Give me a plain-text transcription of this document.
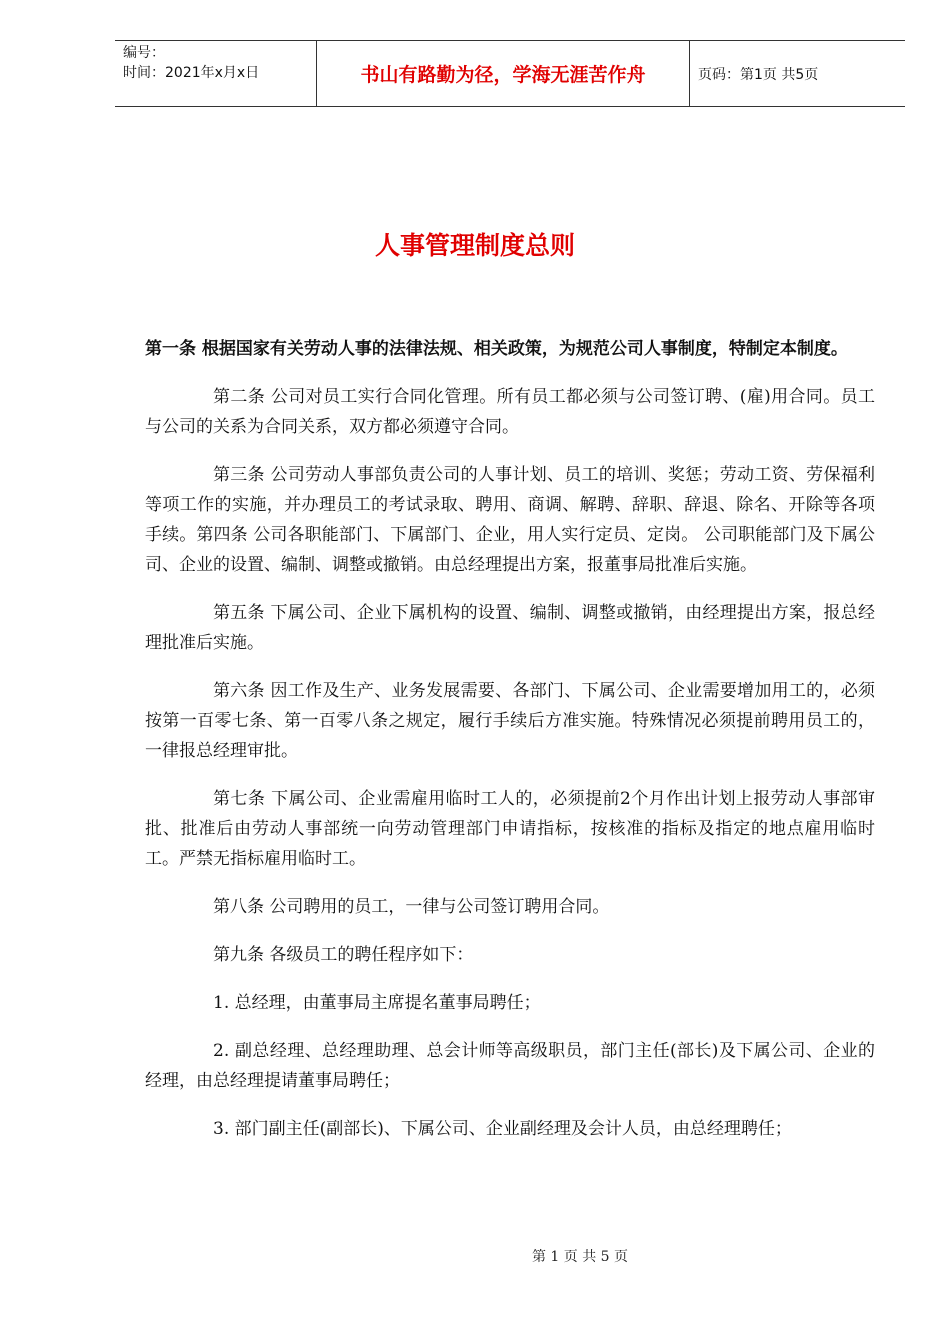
编号：
时间：2021年x月x日	书山有路勤为径，学海无涯苦作舟	页码：第1页 共5页
人事管理制度总则

第一条 根据国家有关劳动人事的法律法规、相关政策，为规范公司人事制度，特制定本制度。

第二条 公司对员工实行合同化管理。所有员工都必须与公司签订聘、(雇)用合同。员工与公司的关系为合同关系，双方都必须遵守合同。

第三条 公司劳动人事部负责公司的人事计划、员工的培训、奖惩；劳动工资、劳保福利等项工作的实施，并办理员工的考试录取、聘用、商调、解聘、辞职、辞退、除名、开除等各项手续。第四条 公司各职能部门、下属部门、企业，用人实行定员、定岗。 公司职能部门及下属公司、企业的设置、编制、调整或撤销。由总经理提出方案，报董事局批准后实施。

第五条 下属公司、企业下属机构的设置、编制、调整或撤销，由经理提出方案，报总经理批准后实施。

第六条 因工作及生产、业务发展需要、各部门、下属公司、企业需要增加用工的，必须按第一百零七条、第一百零八条之规定，履行手续后方准实施。特殊情况必须提前聘用员工的，一律报总经理审批。

第七条 下属公司、企业需雇用临时工人的，必须提前2个月作出计划上报劳动人事部审批、批准后由劳动人事部统一向劳动管理部门申请指标，按核准的指标及指定的地点雇用临时工。严禁无指标雇用临时工。

第八条 公司聘用的员工，一律与公司签订聘用合同。

第九条 各级员工的聘任程序如下：

1. 总经理，由董事局主席提名董事局聘任；

2. 副总经理、总经理助理、总会计师等高级职员，部门主任(部长)及下属公司、企业的经理，由总经理提请董事局聘任；

3. 部门副主任(副部长)、下属公司、企业副经理及会计人员，由总经理聘任；

第 1 页 共 5 页
